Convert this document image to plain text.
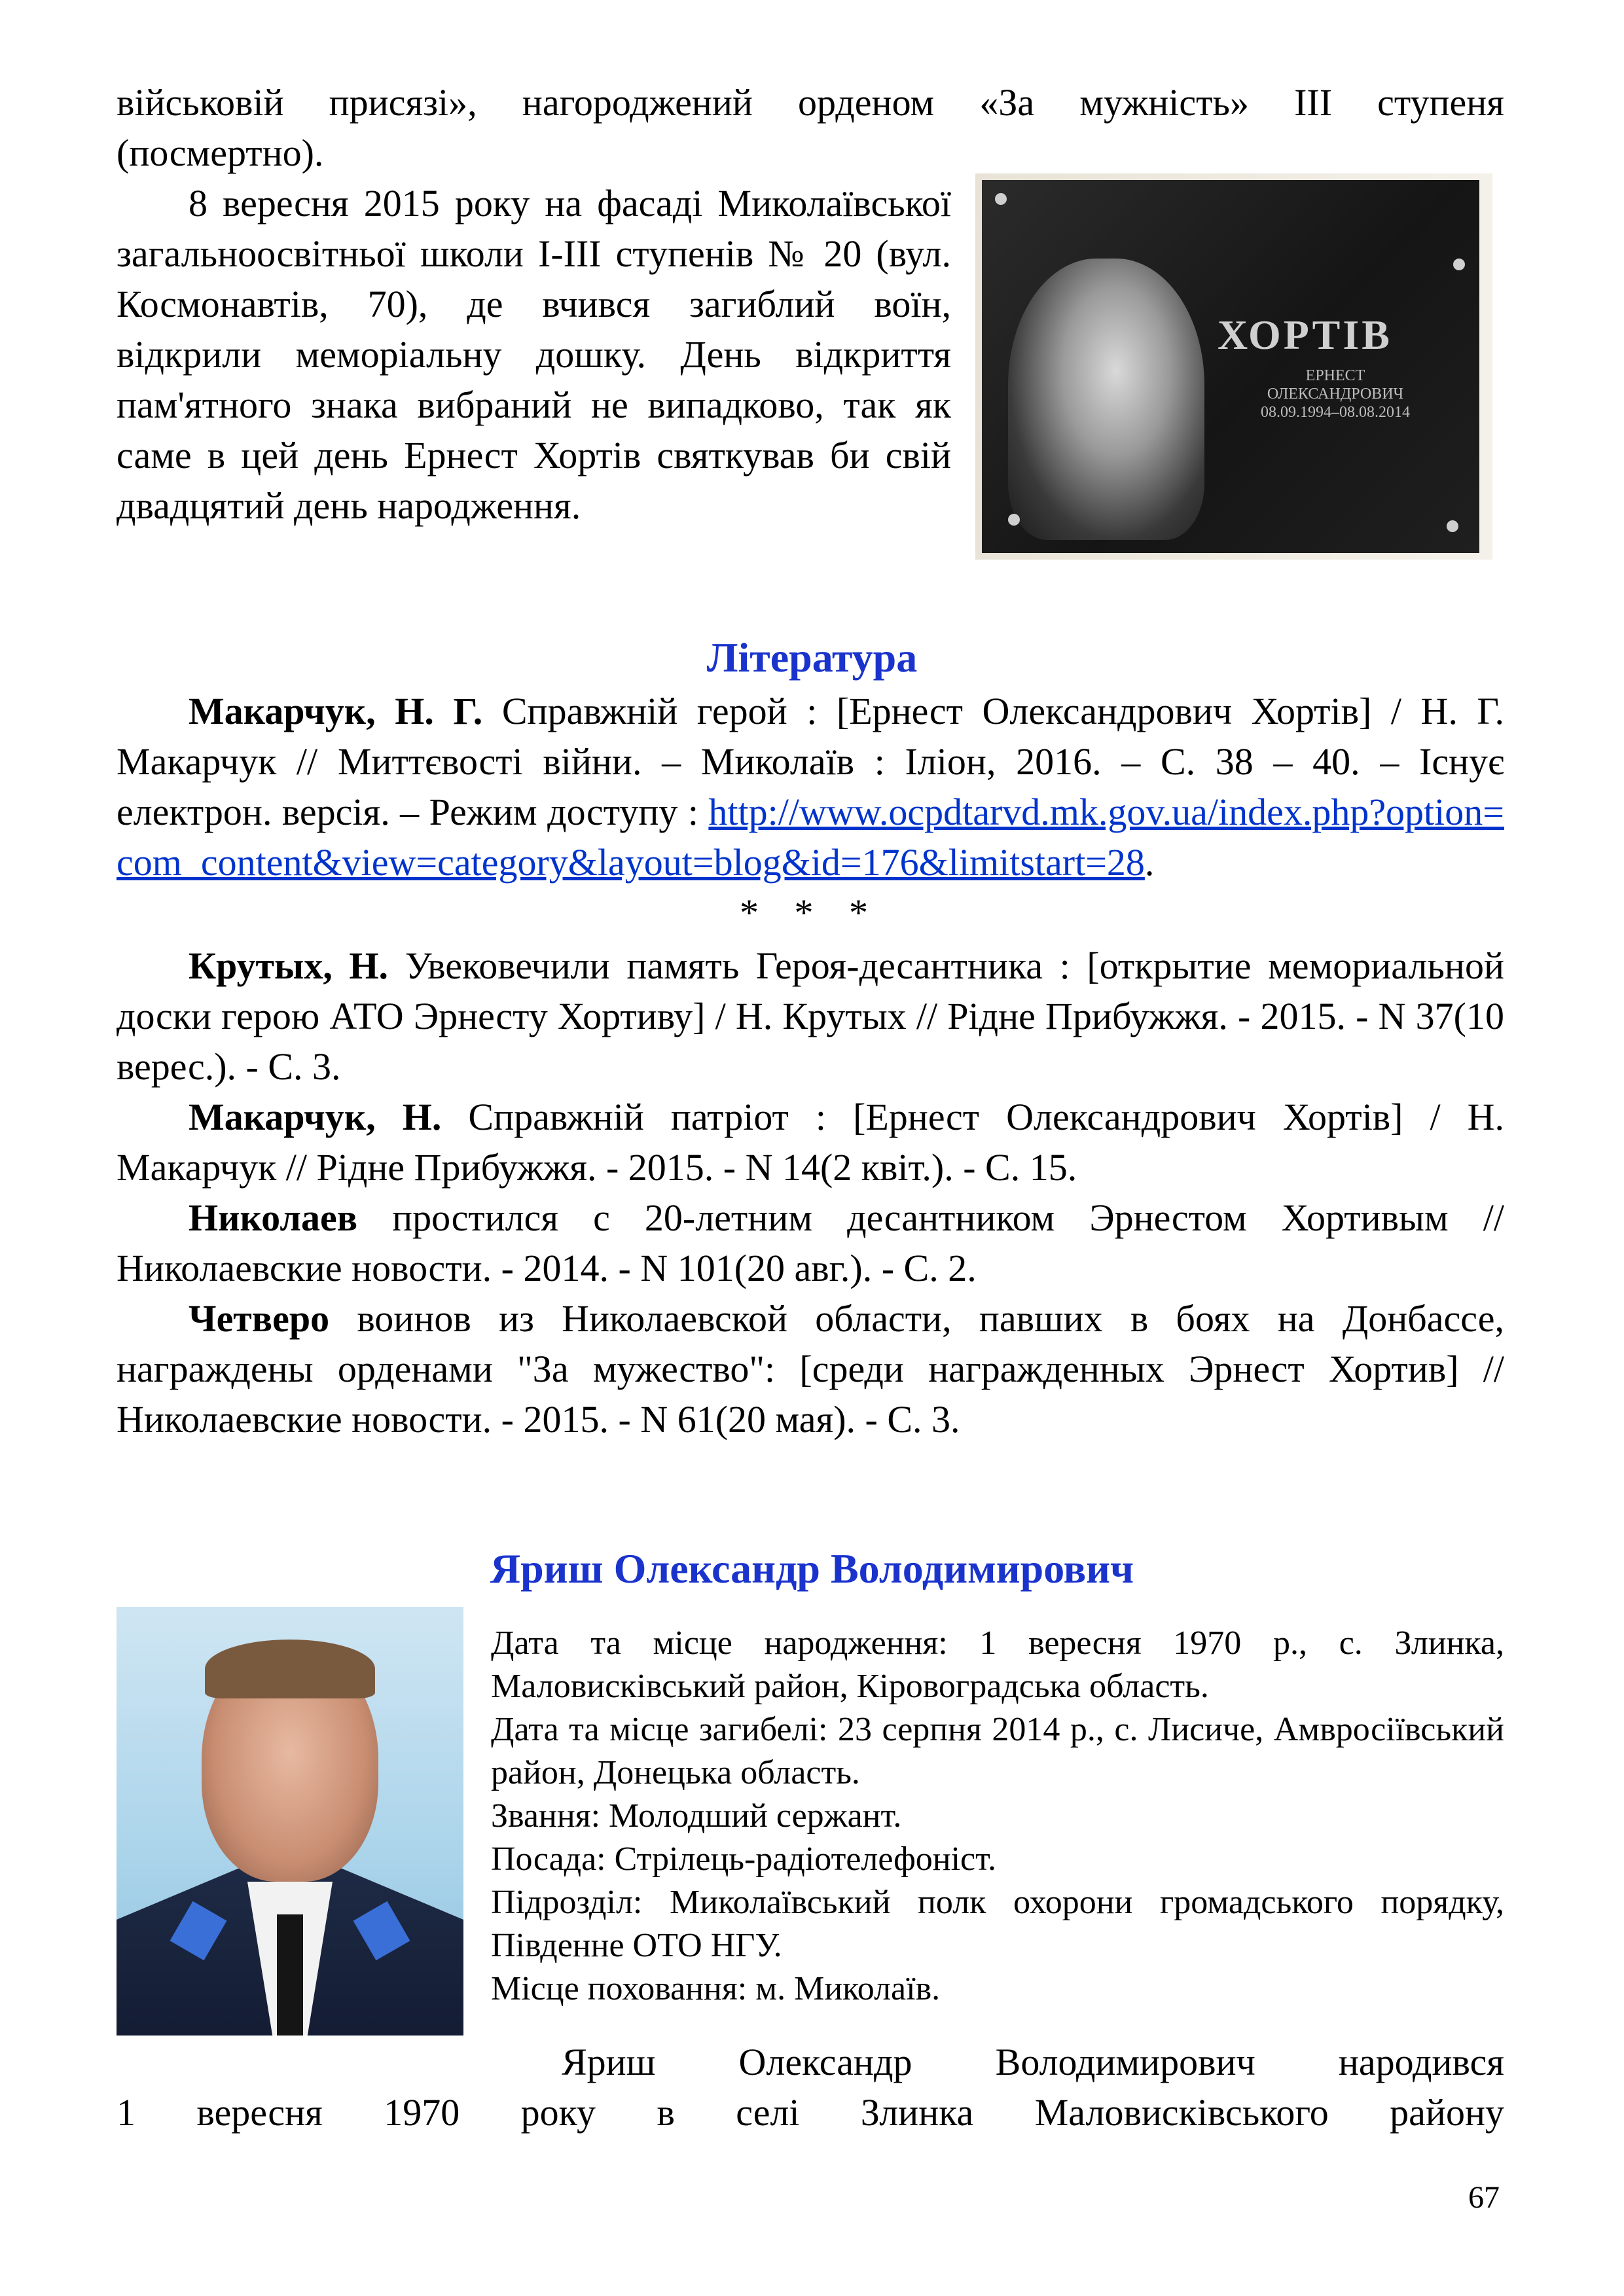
військовій присязі», нагороджений орденом «За мужність» ІІІ ступеня

(посмертно).

8 вересня 2015 року на фасаді Миколаївської загальноосвітньої школи І-ІІІ ступенів № 20 (вул. Космонавтів, 70), де вчився загиблий воїн, відкрили меморіальну дошку. День відкриття пам'ятного знака вибраний не випадково, так як саме в цей день Ернест Хортів святкував би свій двадцятий день народження.

ХОРТІВ
ЕРНЕСТ
ОЛЕКСАНДРОВИЧ
08.09.1994–08.08.2014
Література

Макарчук, Н. Г. Справжній герой : [Ернест Олександрович Хортів] / Н. Г. Макарчук // Миттєвості війни. – Миколаїв : Іліон, 2016. – С. 38 – 40. – Існує електрон. версія. – Режим доступу : http://www.ocpdtarvd.mk.gov.ua/index.php?option=com_content&view=category&layout=blog&id=176&limitstart=28.

* * *

Крутых, Н. Увековечили память Героя-десантника : [открытие мемориальной доски герою АТО Эрнесту Хортиву] / Н. Крутых // Рідне Прибужжя. - 2015. - N 37(10 верес.). - С. 3.

Макарчук, Н. Справжній патріот : [Ернест Олександрович Хортів] / Н. Макарчук // Рідне Прибужжя. - 2015. - N 14(2 квіт.). - С. 15.

Николаев простился с 20-летним десантником Эрнестом Хортивым // Николаевские новости. - 2014. - N 101(20 авг.). - С. 2.

Четверо воинов из Николаевской области, павших в боях на Донбассе, награждены орденами "За мужество": [среди награжденных Эрнест Хортив] // Николаевские новости. - 2015. - N 61(20 мая). - С. 3.

Яриш Олександр Володимирович

Дата та місце народження: 1 вересня 1970 р., с. Злинка, Маловисківський район, Кіровоградська область.

Дата та місце загибелі: 23 серпня 2014 р., с. Лисиче, Амвросіївський район, Донецька область.

Звання: Молодший сержант.

Посада: Стрілець-радіотелефоніст.

Підрозділ: Миколаївський полк охорони громадського порядку, Південне ОТО НГУ.

Місце поховання: м. Миколаїв.

Яриш Олександр Володимирович народився

1 вересня 1970 року в селі Злинка Маловисківського району

67
